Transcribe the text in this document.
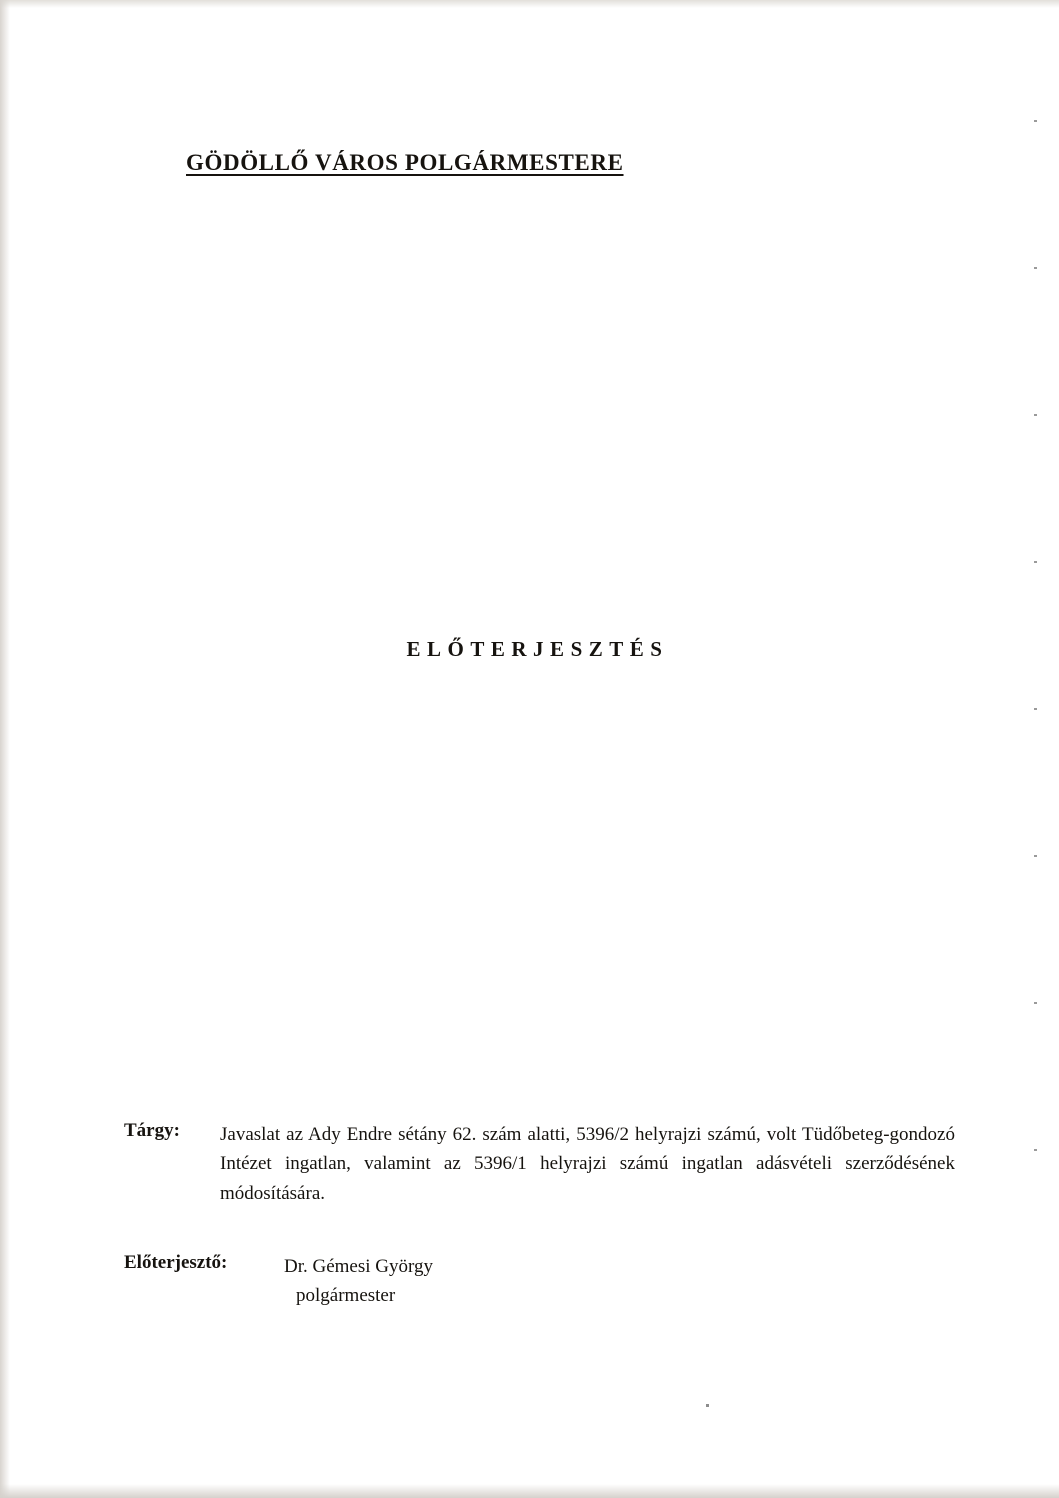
GÖDÖLLŐ VÁROS POLGÁRMESTERE
ELŐTERJESZTÉS
Tárgy:	Javaslat az Ady Endre sétány 62. szám alatti, 5396/2 helyrajzi számú, volt Tüdőbeteg-gondozó Intézet ingatlan, valamint az 5396/1 helyrajzi számú ingatlan adásvételi szerződésének módosítására.
Előterjesztő:	Dr. Gémesi György
polgármester
